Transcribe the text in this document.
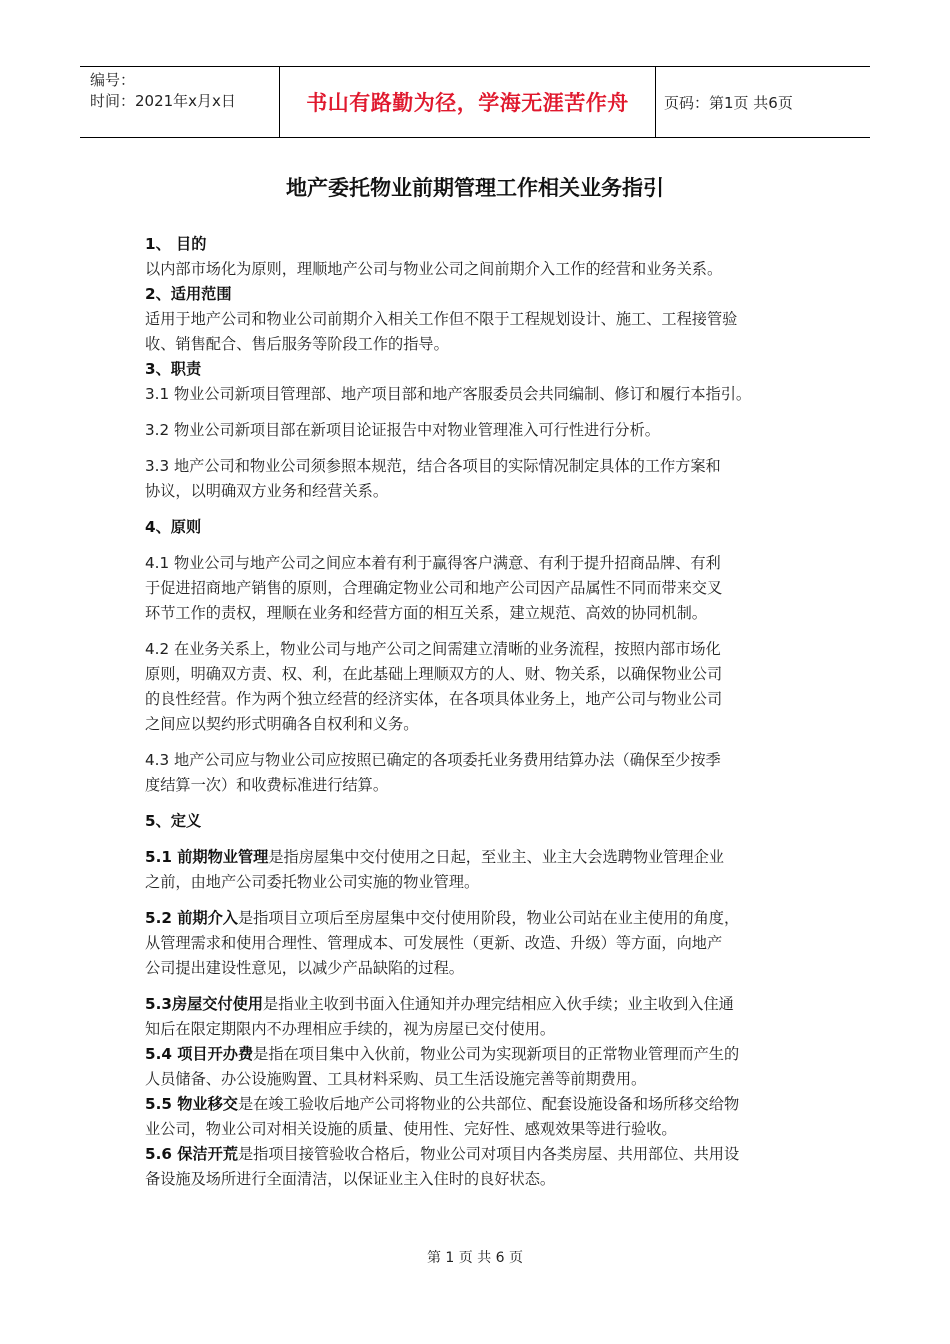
编号：
时间：2021年x月x日	书山有路勤为径，学海无涯苦作舟	页码：第1页 共6页
地产委托物业前期管理工作相关业务指引

1、 目的

以内部市场化为原则，理顺地产公司与物业公司之间前期介入工作的经营和业务关系。

2、适用范围

适用于地产公司和物业公司前期介入相关工作但不限于工程规划设计、施工、工程接管验

收、销售配合、售后服务等阶段工作的指导。

3、职责

3.1 物业公司新项目管理部、地产项目部和地产客服委员会共同编制、修订和履行本指引。

3.2 物业公司新项目部在新项目论证报告中对物业管理准入可行性进行分析。

3.3 地产公司和物业公司须参照本规范，结合各项目的实际情况制定具体的工作方案和

协议，以明确双方业务和经营关系。

4、原则

4.1 物业公司与地产公司之间应本着有利于赢得客户满意、有利于提升招商品牌、有利

于促进招商地产销售的原则，合理确定物业公司和地产公司因产品属性不同而带来交叉

环节工作的责权，理顺在业务和经营方面的相互关系，建立规范、高效的协同机制。

4.2 在业务关系上，物业公司与地产公司之间需建立清晰的业务流程，按照内部市场化

原则，明确双方责、权、利，在此基础上理顺双方的人、财、物关系，以确保物业公司

的良性经营。作为两个独立经营的经济实体，在各项具体业务上，地产公司与物业公司

之间应以契约形式明确各自权利和义务。

4.3 地产公司应与物业公司应按照已确定的各项委托业务费用结算办法（确保至少按季

度结算一次）和收费标准进行结算。

5、定义

5.1 前期物业管理是指房屋集中交付使用之日起，至业主、业主大会选聘物业管理企业

之前，由地产公司委托物业公司实施的物业管理。

5.2 前期介入是指项目立项后至房屋集中交付使用阶段，物业公司站在业主使用的角度，

从管理需求和使用合理性、管理成本、可发展性（更新、改造、升级）等方面，向地产

公司提出建设性意见，以减少产品缺陷的过程。

5.3房屋交付使用是指业主收到书面入住通知并办理完结相应入伙手续；业主收到入住通

知后在限定期限内不办理相应手续的，视为房屋已交付使用。

5.4 项目开办费是指在项目集中入伙前，物业公司为实现新项目的正常物业管理而产生的

人员储备、办公设施购置、工具材料采购、员工生活设施完善等前期费用。

5.5 物业移交是在竣工验收后地产公司将物业的公共部位、配套设施设备和场所移交给物

业公司，物业公司对相关设施的质量、使用性、完好性、感观效果等进行验收。

5.6 保洁开荒是指项目接管验收合格后，物业公司对项目内各类房屋、共用部位、共用设

备设施及场所进行全面清洁，以保证业主入住时的良好状态。

第 1 页 共 6 页
